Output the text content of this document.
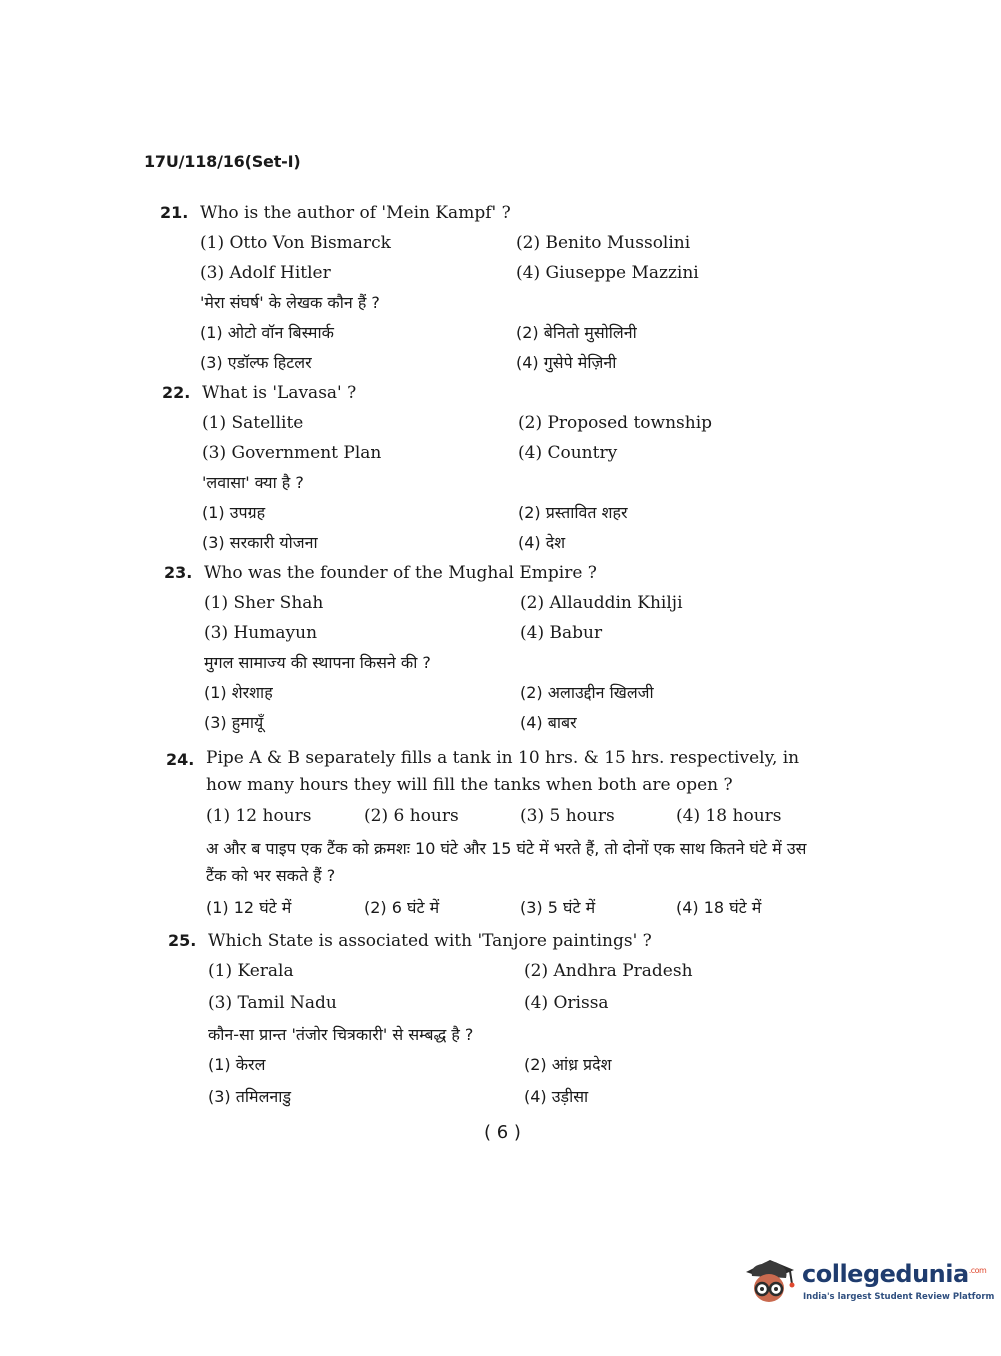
17U/118/16(Set-I)
21. Who is the author of 'Mein Kampf' ?
(1) Otto Von Bismarck	(2) Benito Mussolini
(3) Adolf Hitler	(4) Giuseppe Mazzini
'मेरा संघर्ष' के लेखक कौन हैं ?
(1) ओटो वॉन बिस्मार्क	(2) बेनितो मुसोलिनी
(3) एडॉल्फ हिटलर	(4) गुसेपे मेज़िनी
22. What is 'Lavasa' ?
(1) Satellite	(2) Proposed township
(3) Government Plan	(4) Country
'लवासा' क्या है ?
(1) उपग्रह	(2) प्रस्तावित शहर
(3) सरकारी योजना	(4) देश
23. Who was the founder of the Mughal Empire ?
(1) Sher Shah	(2) Allauddin Khilji
(3) Humayun	(4) Babur
मुगल सामाज्य की स्थापना किसने की ?
(1) शेरशाह	(2) अलाउद्दीन खिलजी
(3) हुमायूँ	(4) बाबर
24. Pipe A & B separately fills a tank in 10 hrs. & 15 hrs. respectively, in how many hours they will fill the tanks when both are open ?
(1) 12 hours	(2) 6 hours	(3) 5 hours	(4) 18 hours
अ और ब पाइप एक टैंक को क्रमशः 10 घंटे और 15 घंटे में भरते हैं, तो दोनों एक साथ कितने घंटे में उस टैंक को भर सकते हैं ?
(1) 12 घंटे में	(2) 6 घंटे में	(3) 5 घंटे में	(4) 18 घंटे में
25. Which State is associated with 'Tanjore paintings' ?
(1) Kerala	(2) Andhra Pradesh
(3) Tamil Nadu	(4) Orissa
कौन-सा प्रान्त 'तंजोर चित्रकारी' से सम्बद्ध है ?
(1) केरल	(2) आंध्र प्रदेश
(3) तमिलनाडु	(4) उड़ीसा
( 6 )
collegedunia$^{.com}$
India's largest Student Review Platform
